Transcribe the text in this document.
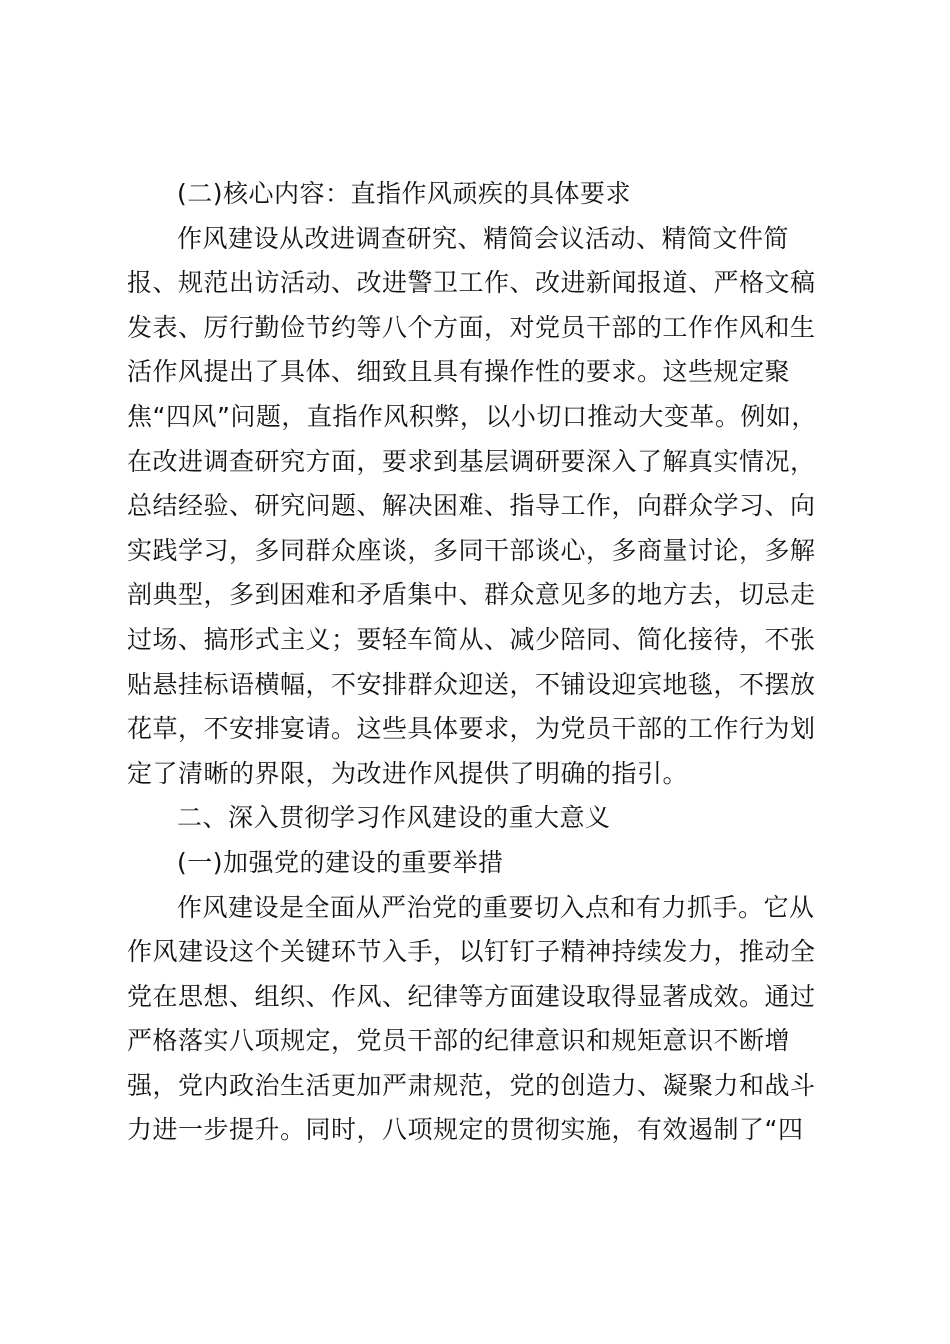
(二)核心内容：直指作风顽疾的具体要求
作风建设从改进调查研究、精简会议活动、精简文件简
报、规范出访活动、改进警卫工作、改进新闻报道、严格文稿
发表、厉行勤俭节约等八个方面，对党员干部的工作作风和生
活作风提出了具体、细致且具有操作性的要求。这些规定聚
焦“四风”问题，直指作风积弊，以小切口推动大变革。例如，
在改进调查研究方面，要求到基层调研要深入了解真实情况，
总结经验、研究问题、解决困难、指导工作，向群众学习、向
实践学习，多同群众座谈，多同干部谈心，多商量讨论，多解
剖典型，多到困难和矛盾集中、群众意见多的地方去，切忌走
过场、搞形式主义；要轻车简从、减少陪同、简化接待，不张
贴悬挂标语横幅，不安排群众迎送，不铺设迎宾地毯，不摆放
花草，不安排宴请。这些具体要求，为党员干部的工作行为划
定了清晰的界限，为改进作风提供了明确的指引。
二、深入贯彻学习作风建设的重大意义
(一)加强党的建设的重要举措
作风建设是全面从严治党的重要切入点和有力抓手。它从
作风建设这个关键环节入手，以钉钉子精神持续发力，推动全
党在思想、组织、作风、纪律等方面建设取得显著成效。通过
严格落实八项规定，党员干部的纪律意识和规矩意识不断增
强，党内政治生活更加严肃规范，党的创造力、凝聚力和战斗
力进一步提升。同时，八项规定的贯彻实施，有效遏制了“四
